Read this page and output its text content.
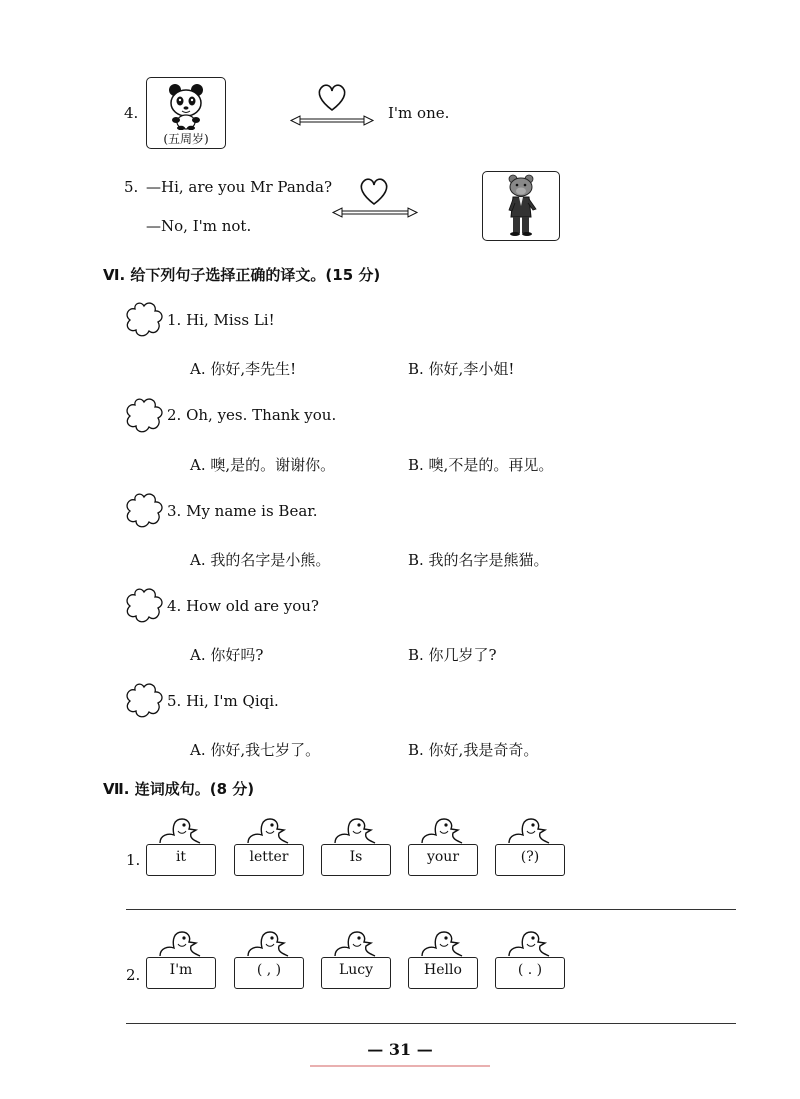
4.
(五周岁)
I'm one.
5. —Hi, are you Mr Panda?
—No, I'm not.
Ⅵ. 给下列句子选择正确的译文。(15 分)
1. Hi, Miss Li!
A. 你好,李先生!	B. 你好,李小姐!
2. Oh, yes. Thank you.
A. 噢,是的。谢谢你。	B. 噢,不是的。再见。
3. My name is Bear.
A. 我的名字是小熊。	B. 我的名字是熊猫。
4. How old are you?
A. 你好吗?	B. 你几岁了?
5. Hi, I'm Qiqi.
A. 你好,我七岁了。	B. 你好,我是奇奇。
Ⅶ. 连词成句。(8 分)
1.	it	letter	Is	your	(?)
2.	I'm	( , )	Lucy	Hello	( . )
— 31 —
